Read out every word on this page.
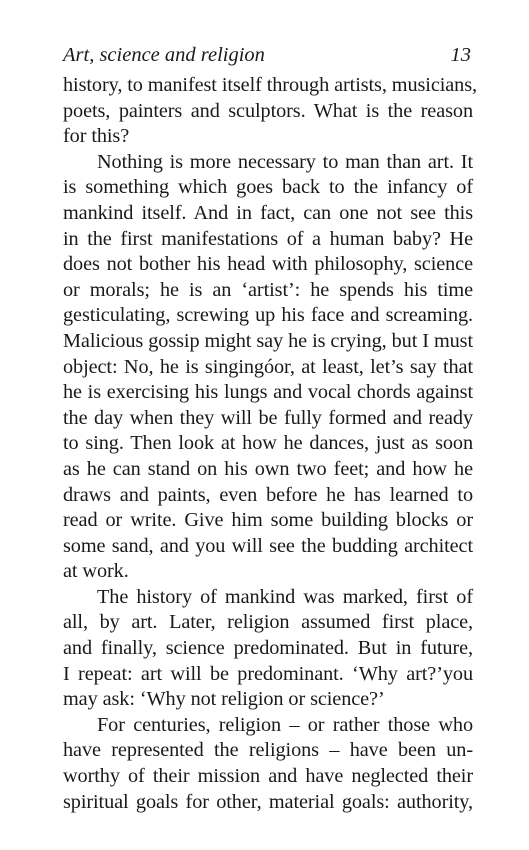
Art, science and religion	13
history, to manifest itself through artists, musicians,
poets, painters and sculptors. What is the reason
for this?
Nothing is more necessary to man than art. It
is something which goes back to the infancy of
mankind itself. And in fact, can one not see this
in the first manifestations of a human baby? He
does not bother his head with philosophy, science
or morals; he is an ‘artist’: he spends his time
gesticulating, screwing up his face and screaming.
Malicious gossip might say he is crying, but I must
object: No, he is singingóor, at least, let’s say that
he is exercising his lungs and vocal chords against
the day when they will be fully formed and ready
to sing. Then look at how he dances, just as soon
as he can stand on his own two feet; and how he
draws and paints, even before he has learned to
read or write. Give him some building blocks or
some sand, and you will see the budding architect
at work.
The history of mankind was marked, first of
all, by art. Later, religion assumed first place,
and finally, science predominated. But in future,
I repeat: art will be predominant. ‘Why art?’you
may ask: ‘Why not religion or science?’
For centuries, religion – or rather those who
have represented the religions – have been un-
worthy of their mission and have neglected their
spiritual goals for other, material goals: authority,
